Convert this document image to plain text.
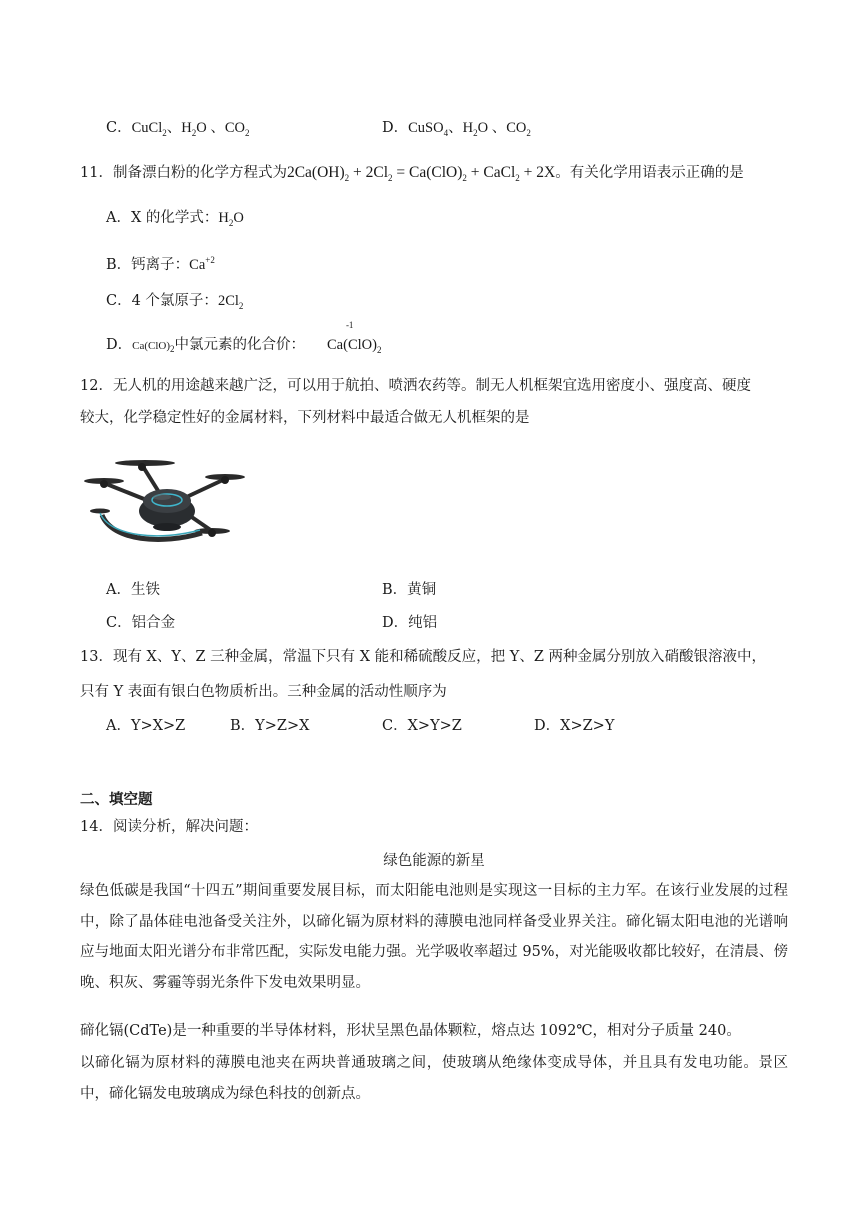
C．CuCl$_2$、$H_2O$ 、$CO_2$	D．CuSO$_4$、$H_2O$ 、$CO_2$
11．制备漂白粉的化学方程式为$2Ca(OH)_2 + 2Cl_2 = Ca(ClO)_2$ + CaCl$_2$ + 2X。有关化学用语表示正确的是
A．X 的化学式：$H_2O$
B．钙离子：$Ca^{+2}$
C．4 个氯原子：$2Cl_2$
D．$Ca(ClO)_2$中氯元素的化合价： Ca(
-1
$ClO)_2$
12．无人机的用途越来越广泛，可以用于航拍、喷洒农药等。制无人机框架宜选用密度小、强度高、硬度
较大，化学稳定性好的金属材料，下列材料中最适合做无人机框架的是
A．生铁	B．黄铜
C．铝合金	D．纯铝
13．现有 X、Y、Z 三种金属，常温下只有 X 能和稀硫酸反应，把 Y、Z 两种金属分别放入硝酸银溶液中，
只有 Y 表面有银白色物质析出。三种金属的活动性顺序为
A．Y>X>Z	B．Y>Z>X	C．X>Y>Z	D．X>Z>Y
二、填空题
14．阅读分析，解决问题：
绿色能源的新星
绿色低碳是我国“十四五”期间重要发展目标，而太阳能电池则是实现这一目标的主力军。在该行业发展的过程中，除了晶体硅电池备受关注外，以碲化镉为原材料的薄膜电池同样备受业界关注。碲化镉太阳电池的光谱响应与地面太阳光谱分布非常匹配，实际发电能力强。光学吸收率超过 95%，对光能吸收都比较好，在清晨、傍晚、积灰、雾霾等弱光条件下发电效果明显。
碲化镉(CdTe)是一种重要的半导体材料，形状呈黑色晶体颗粒，熔点达 1092℃，相对分子质量 240。
以碲化镉为原材料的薄膜电池夹在两块普通玻璃之间，使玻璃从绝缘体变成导体，并且具有发电功能。景区中，碲化镉发电玻璃成为绿色科技的创新点。
